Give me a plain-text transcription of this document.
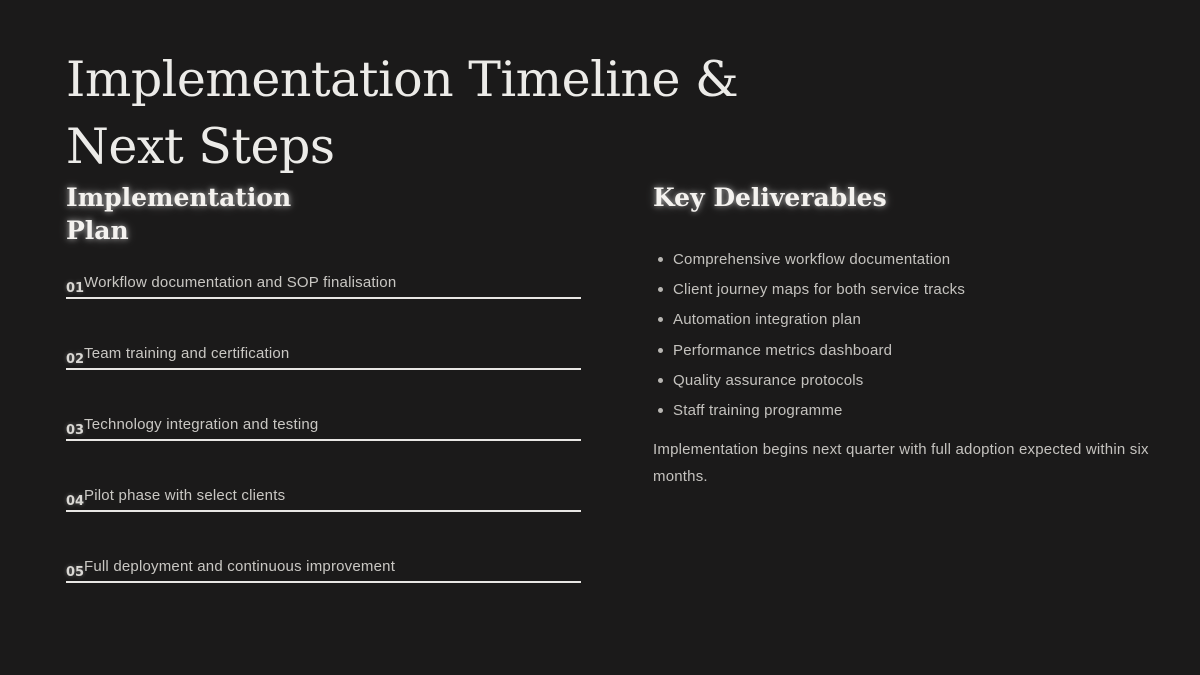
Implementation Timeline & Next Steps
Implementation Plan
01 Workflow documentation and SOP finalisation
02 Team training and certification
03 Technology integration and testing
04 Pilot phase with select clients
05 Full deployment and continuous improvement
Key Deliverables
Comprehensive workflow documentation
Client journey maps for both service tracks
Automation integration plan
Performance metrics dashboard
Quality assurance protocols
Staff training programme

Implementation begins next quarter with full adoption expected within six months.
